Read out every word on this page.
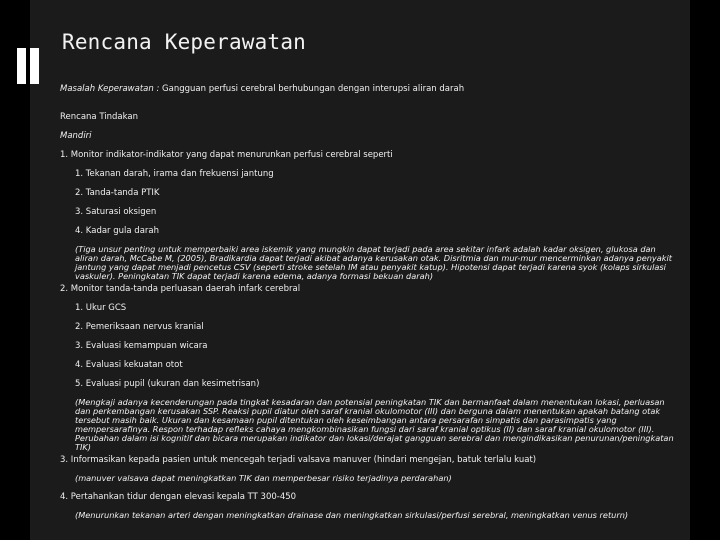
Rencana Keperawatan
Masalah Keperawatan : Gangguan perfusi cerebral berhubungan dengan interupsi aliran darah
Rencana Tindakan
Mandiri
1. Monitor indikator-indikator yang dapat menurunkan perfusi cerebral seperti
1. Tekanan darah, irama dan frekuensi jantung
2. Tanda-tanda PTIK
3. Saturasi oksigen
4. Kadar gula darah
(Tiga unsur penting untuk memperbaiki area iskemik yang mungkin dapat terjadi pada area sekitar infark adalah kadar oksigen, glukosa dan aliran darah, McCabe M, (2005), Bradikardia dapat terjadi akibat adanya kerusakan otak. Disritmia dan mur-mur mencerminkan adanya penyakit jantung yang dapat menjadi pencetus CSV (seperti stroke setelah IM atau penyakit katup). Hipotensi dapat terjadi karena syok (kolaps sirkulasi vaskuler). Peningkatan TIK dapat terjadi karena edema, adanya formasi bekuan darah)
2. Monitor tanda-tanda perluasan daerah infark cerebral
1. Ukur GCS
2. Pemeriksaan nervus kranial
3. Evaluasi kemampuan wicara
4. Evaluasi kekuatan otot
5. Evaluasi pupil (ukuran dan kesimetrisan)
(Mengkaji adanya kecenderungan pada tingkat kesadaran dan potensial peningkatan TIK dan bermanfaat dalam menentukan lokasi, perluasan dan perkembangan kerusakan SSP. Reaksi pupil diatur oleh saraf kranial okulomotor (III) dan berguna dalam menentukan apakah batang otak tersebut masih baik. Ukuran dan kesamaan pupil ditentukan oleh keseimbangan antara persarafan simpatis dan parasimpatis yang mempersarafinya. Respon terhadap refleks cahaya mengkombinasikan fungsi dari saraf kranial optikus (II) dan saraf kranial okulomotor (III). Perubahan dalam isi kognitif dan bicara merupakan indikator dan lokasi/derajat gangguan serebral dan mengindikasikan penurunan/peningkatan TIK)
3. Informasikan kepada pasien untuk mencegah terjadi valsava manuver (hindari mengejan, batuk terlalu kuat)
(manuver valsava dapat meningkatkan TIK dan memperbesar risiko terjadinya perdarahan)
4. Pertahankan tidur dengan elevasi kepala TT 300-450
(Menurunkan tekanan arteri dengan meningkatkan drainase dan meningkatkan sirkulasi/perfusi serebral, meningkatkan venus return)
